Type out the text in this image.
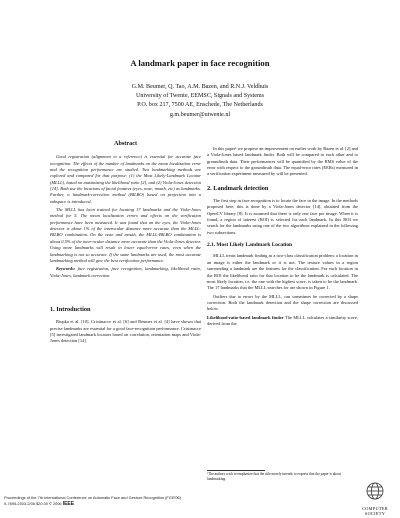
A landmark paper in face recognition
G.M. Beumer, Q. Tao, A.M. Bazen, and R.N.J. Veldhuis
University of Twente, EEMSC, Signals and Systems
P.O. box 217, 7500 AE, Enschede, The Netherlands
g.m.beumer@utwente.nl
Abstract

Good registration (alignment to a reference) is essential for accurate face recognition. The effects of the number of landmarks on the mean localization error and the recognition performance are studied. Two landmarking methods are explored and compared for that purpose: (1) the Most Likely-Landmark Locator (MLLL), based on maximizing the likelihood ratio [2], and (2) Viola-Jones detection [14]. Both use the locations of facial features (eyes, nose, mouth, etc) as landmarks. Further, a landmark-correction method (BILBO) based on projection into a subspace is introduced.

The MLLL has been trained for locating 17 landmarks and the Viola-Jones method for 5. The mean localization errors and effects on the verification performance have been measured. It was found that on the eyes, the Viola-Jones detector is about 1% of the interocular distance more accurate than the MLLL-BILBO combination. On the nose and mouth, the MLLL-BILBO combination is about 0.5% of the inter-ocular distance more accurate than the Viola-Jones detector. Using more landmarks will result in lower equal-error rates, even when the landmarking is not so accurate. If the same landmarks are used, the most accurate landmarking method will give the best verification performance.

Keywords: face registration, face recognition, landmarking, likelihood ratio, Viola-Jones, landmark correction

1. Introduction

Riopka et al. [10], Cristinacce et al. [6] and Beumer et al. [4] have shown that precise landmarks are essential for a good face-recognition performance. Cristinacce [5] investigated landmark locators based on correlation, orientation maps and Viola-Jones detection [14].

In this paper¹ we propose an improvement on earlier work by Bazen et al. [2] and a Viola-Jones based landmark finder. Both will be compared to each other and to groundtruth data. Their performances will be quantified by the RMS value of the error with respect to the groundtruth data. The equal-error rates (EERs) measured in a verification experiment measured by will be presented.

2. Landmark detection

The first step in face recognition is to locate the face in the image. In the methods proposed here, this is done by a Viola-Jones detector [14], obtained from the OpenCV library [8]. It is assumed that there is only one face per image. When it is found, a region of interest (ROI) is selected for each landmark. In this ROI we search for the landmarks using one of the two algorithms explained in the following two subsections.

2.1. Most Likely Landmark Location

MLLL treats landmark finding as a two-class classification problem: a location in an image is either the landmark or it is not. The texture values in a region surrounding a landmark are the features for the classification. For each location in the ROI the likelihood ratio for that location to be the landmark is calculated. The most likely location, i.e. the one with the highest score, is taken to be the landmark. The 17 landmarks that the MLLL searches for are shown in Figure 1.

Outliers due to errors by the MLLL, can sometimes be corrected by a shape correction. Both the landmark detection and the shape correction are discussed below.

Likelihood-ratio-based landmark finder The MLLL calculates a similarity score, derived from the

¹The authors wish to emphasize that the title merely intends to express that the paper is about landmarking.
Proceedings of the 7th International Conference on Automatic Face and Gesture Recognition (FGR'06)
0-7695-2503-2/06 $20.00 © 2006 IEEE
COMPUTER
SOCIETY
